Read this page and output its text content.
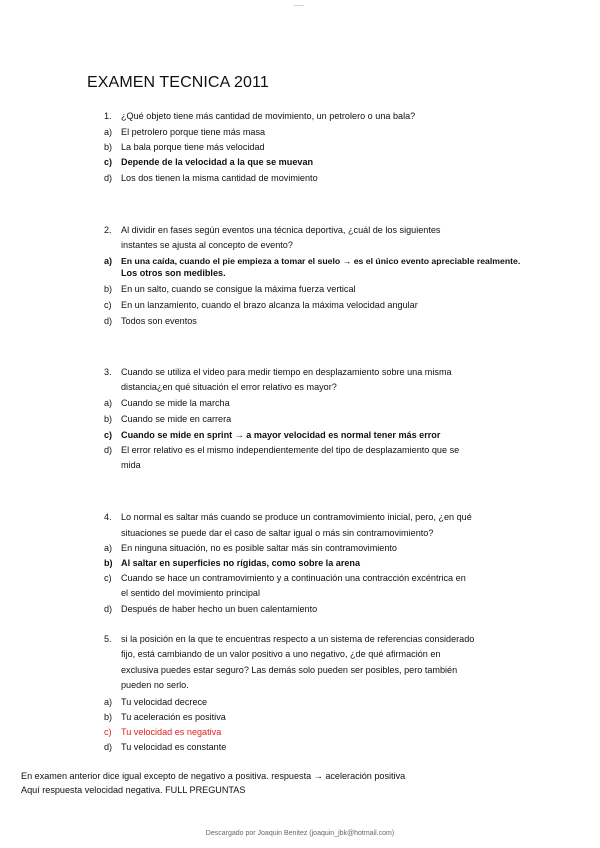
___
EXAMEN TECNICA 2011
1. ¿Qué objeto tiene más cantidad de movimiento, un petrolero o una bala?
a) El petrolero porque tiene más masa
b) La bala porque tiene más velocidad
c) Depende de la velocidad a la que se muevan
d) Los dos tienen la misma cantidad de movimiento
2. Al dividir en fases según eventos una técnica deportiva, ¿cuál de los siguientes
instantes se ajusta al concepto de evento?
a) En una caída, cuando el pie empieza a tomar el suelo → es el único evento apreciable realmente.
Los otros son medibles.
b) En un salto, cuando se consigue la máxima fuerza vertical
c) En un lanzamiento, cuando el brazo alcanza la máxima velocidad angular
d) Todos son eventos
3. Cuando se utiliza el video para medir tiempo en desplazamiento sobre una misma
distancia¿en qué situación el error relativo es mayor?
a) Cuando se mide la marcha
b) Cuando se mide en carrera
c) Cuando se mide en sprint → a mayor velocidad es normal tener más error
d) El error relativo es el mismo independientemente del tipo de desplazamiento que se
mida
4. Lo normal es saltar más cuando se produce un contramovimiento inicial, pero, ¿en qué
situaciones se puede dar el caso de saltar igual o más sin contramovimiento?
a) En ninguna situación, no es posible saltar más sin contramovimiento
b) Al saltar en superficies no rígidas, como sobre la arena
c) Cuando se hace un contramovimiento y a continuación una contracción excéntrica en
el sentido del movimiento principal
d) Después de haber hecho un buen calentamiento
5. si la posición en la que te encuentras respecto a un sistema de referencias considerado
fijo, está cambiando de un valor positivo a uno negativo, ¿de qué afirmación en
exclusiva puedes estar seguro? Las demás solo pueden ser posibles, pero también
pueden no serlo.
a) Tu velocidad decrece
b) Tu aceleración es positiva
c) Tu velocidad es negativa
d) Tu velocidad es constante
En examen anterior dice igual excepto de negativo a positiva. respuesta → aceleración positiva
Aquí respuesta velocidad negativa. FULL PREGUNTAS
Descargado por Joaquin Benitez (joaquin_jbk@hotmail.com)
